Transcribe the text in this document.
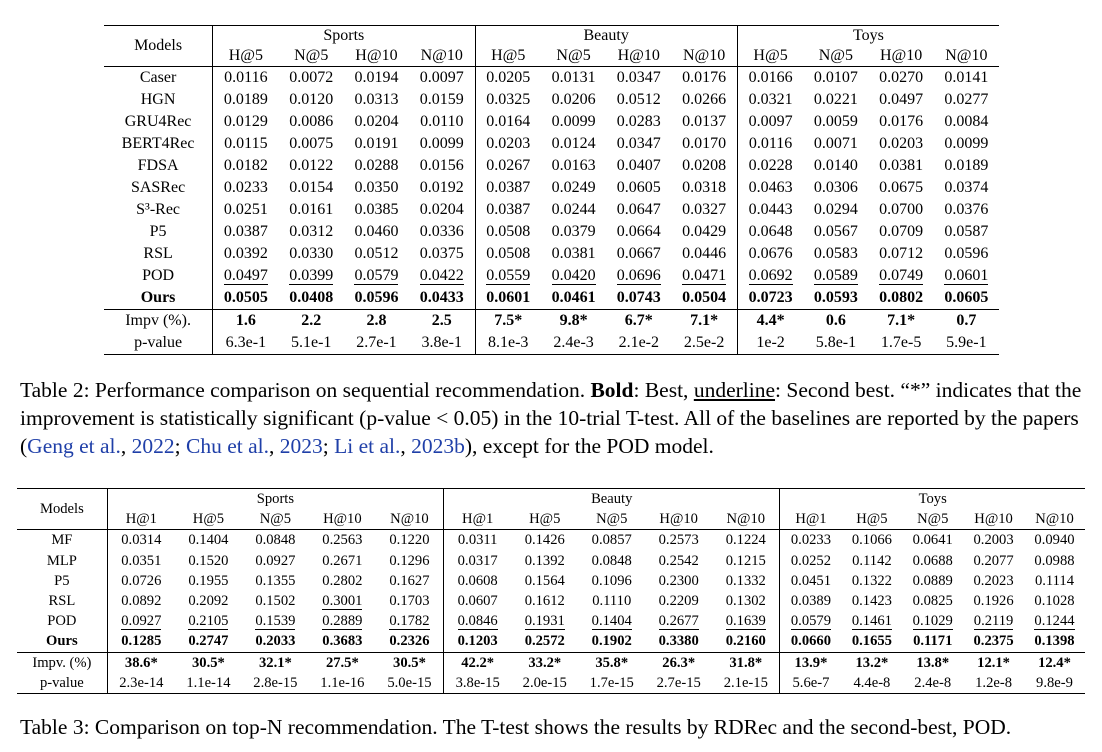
Models	Sports				Beauty				Toys			
	H@5	N@5	H@10	N@10	H@5	N@5	H@10	N@10	H@5	N@5	H@10	N@10
Caser	0.0116	0.0072	0.0194	0.0097	0.0205	0.0131	0.0347	0.0176	0.0166	0.0107	0.0270	0.0141
HGN	0.0189	0.0120	0.0313	0.0159	0.0325	0.0206	0.0512	0.0266	0.0321	0.0221	0.0497	0.0277
GRU4Rec	0.0129	0.0086	0.0204	0.0110	0.0164	0.0099	0.0283	0.0137	0.0097	0.0059	0.0176	0.0084
BERT4Rec	0.0115	0.0075	0.0191	0.0099	0.0203	0.0124	0.0347	0.0170	0.0116	0.0071	0.0203	0.0099
FDSA	0.0182	0.0122	0.0288	0.0156	0.0267	0.0163	0.0407	0.0208	0.0228	0.0140	0.0381	0.0189
SASRec	0.0233	0.0154	0.0350	0.0192	0.0387	0.0249	0.0605	0.0318	0.0463	0.0306	0.0675	0.0374
S³-Rec	0.0251	0.0161	0.0385	0.0204	0.0387	0.0244	0.0647	0.0327	0.0443	0.0294	0.0700	0.0376
P5	0.0387	0.0312	0.0460	0.0336	0.0508	0.0379	0.0664	0.0429	0.0648	0.0567	0.0709	0.0587
RSL	0.0392	0.0330	0.0512	0.0375	0.0508	0.0381	0.0667	0.0446	0.0676	0.0583	0.0712	0.0596
POD	0.0497	0.0399	0.0579	0.0422	0.0559	0.0420	0.0696	0.0471	0.0692	0.0589	0.0749	0.0601
Ours	0.0505	0.0408	0.0596	0.0433	0.0601	0.0461	0.0743	0.0504	0.0723	0.0593	0.0802	0.0605
Impv (%).	1.6	2.2	2.8	2.5	7.5*	9.8*	6.7*	7.1*	4.4*	0.6	7.1*	0.7
p-value	6.3e-1	5.1e-1	2.7e-1	3.8e-1	8.1e-3	2.4e-3	2.1e-2	2.5e-2	1e-2	5.8e-1	1.7e-5	5.9e-1
Table 2: Performance comparison on sequential recommendation. Bold: Best, underline: Second best. “*” indicates that the improvement is statistically significant (p-value < 0.05) in the 10-trial T-test. All of the baselines are reported by the papers (Geng et al., 2022; Chu et al., 2023; Li et al., 2023b), except for the POD model.
Models	Sports					Beauty					Toys				
	H@1	H@5	N@5	H@10	N@10	H@1	H@5	N@5	H@10	N@10	H@1	H@5	N@5	H@10	N@10
MF	0.0314	0.1404	0.0848	0.2563	0.1220	0.0311	0.1426	0.0857	0.2573	0.1224	0.0233	0.1066	0.0641	0.2003	0.0940
MLP	0.0351	0.1520	0.0927	0.2671	0.1296	0.0317	0.1392	0.0848	0.2542	0.1215	0.0252	0.1142	0.0688	0.2077	0.0988
P5	0.0726	0.1955	0.1355	0.2802	0.1627	0.0608	0.1564	0.1096	0.2300	0.1332	0.0451	0.1322	0.0889	0.2023	0.1114
RSL	0.0892	0.2092	0.1502	0.3001	0.1703	0.0607	0.1612	0.1110	0.2209	0.1302	0.0389	0.1423	0.0825	0.1926	0.1028
POD	0.0927	0.2105	0.1539	0.2889	0.1782	0.0846	0.1931	0.1404	0.2677	0.1639	0.0579	0.1461	0.1029	0.2119	0.1244
Ours	0.1285	0.2747	0.2033	0.3683	0.2326	0.1203	0.2572	0.1902	0.3380	0.2160	0.0660	0.1655	0.1171	0.2375	0.1398
Impv. (%)	38.6*	30.5*	32.1*	27.5*	30.5*	42.2*	33.2*	35.8*	26.3*	31.8*	13.9*	13.2*	13.8*	12.1*	12.4*
p-value	2.3e-14	1.1e-14	2.8e-15	1.1e-16	5.0e-15	3.8e-15	2.0e-15	1.7e-15	2.7e-15	2.1e-15	5.6e-7	4.4e-8	2.4e-8	1.2e-8	9.8e-9
Table 3: Comparison on top-N recommendation. The T-test shows the results by RDRec and the second-best, POD.
